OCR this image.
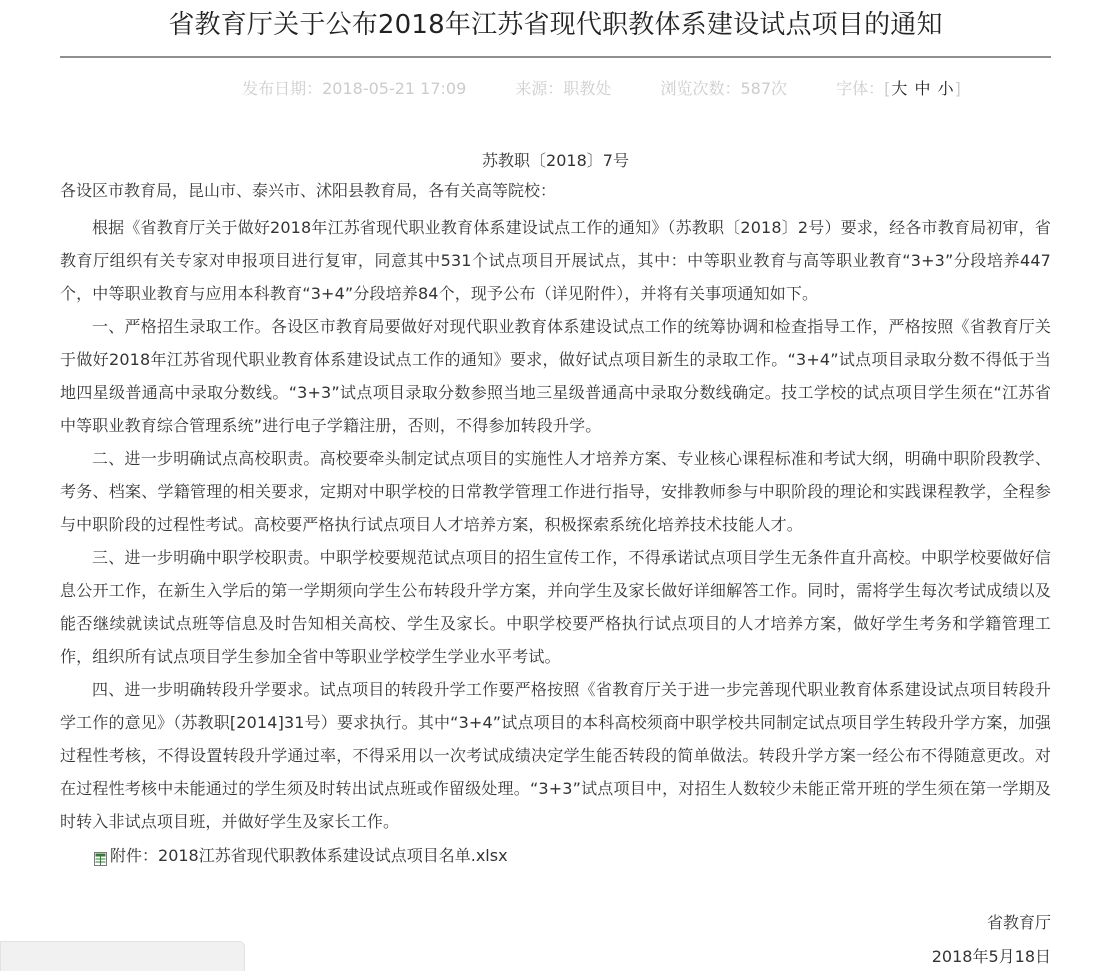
省教育厅关于公布2018年江苏省现代职教体系建设试点项目的通知
发布日期：2018-05-21 17:09	来源：职教处	浏览次数：587次	字体：[大 中 小]
苏教职〔2018〕7号
各设区市教育局，昆山市、泰兴市、沭阳县教育局，各有关高等院校：

根据《省教育厅关于做好2018年江苏省现代职业教育体系建设试点工作的通知》（苏教职〔2018〕2号）要求，经各市教育局初审，省教育厅组织有关专家对申报项目进行复审，同意其中531个试点项目开展试点，其中：中等职业教育与高等职业教育“3+3”分段培养447个，中等职业教育与应用本科教育“3+4”分段培养84个，现予公布（详见附件），并将有关事项通知如下。

一、严格招生录取工作。各设区市教育局要做好对现代职业教育体系建设试点工作的统筹协调和检查指导工作，严格按照《省教育厅关于做好2018年江苏省现代职业教育体系建设试点工作的通知》要求，做好试点项目新生的录取工作。“3+4”试点项目录取分数不得低于当地四星级普通高中录取分数线。“3+3”试点项目录取分数参照当地三星级普通高中录取分数线确定。技工学校的试点项目学生须在“江苏省中等职业教育综合管理系统”进行电子学籍注册，否则，不得参加转段升学。

二、进一步明确试点高校职责。高校要牵头制定试点项目的实施性人才培养方案、专业核心课程标准和考试大纲，明确中职阶段教学、考务、档案、学籍管理的相关要求，定期对中职学校的日常教学管理工作进行指导，安排教师参与中职阶段的理论和实践课程教学，全程参与中职阶段的过程性考试。高校要严格执行试点项目人才培养方案，积极探索系统化培养技术技能人才。

三、进一步明确中职学校职责。中职学校要规范试点项目的招生宣传工作，不得承诺试点项目学生无条件直升高校。中职学校要做好信息公开工作，在新生入学后的第一学期须向学生公布转段升学方案，并向学生及家长做好详细解答工作。同时，需将学生每次考试成绩以及能否继续就读试点班等信息及时告知相关高校、学生及家长。中职学校要严格执行试点项目的人才培养方案，做好学生考务和学籍管理工作，组织所有试点项目学生参加全省中等职业学校学生学业水平考试。

四、进一步明确转段升学要求。试点项目的转段升学工作要严格按照《省教育厅关于进一步完善现代职业教育体系建设试点项目转段升学工作的意见》（苏教职[2014]31号）要求执行。其中“3+4”试点项目的本科高校须商中职学校共同制定试点项目学生转段升学方案，加强过程性考核，不得设置转段升学通过率，不得采用以一次考试成绩决定学生能否转段的简单做法。转段升学方案一经公布不得随意更改。对在过程性考核中未能通过的学生须及时转出试点班或作留级处理。“3+3”试点项目中，对招生人数较少未能正常开班的学生须在第一学期及时转入非试点项目班，并做好学生及家长工作。

附件： 2018江苏省现代职教体系建设试点项目名单.xlsx
省教育厅
2018年5月18日
